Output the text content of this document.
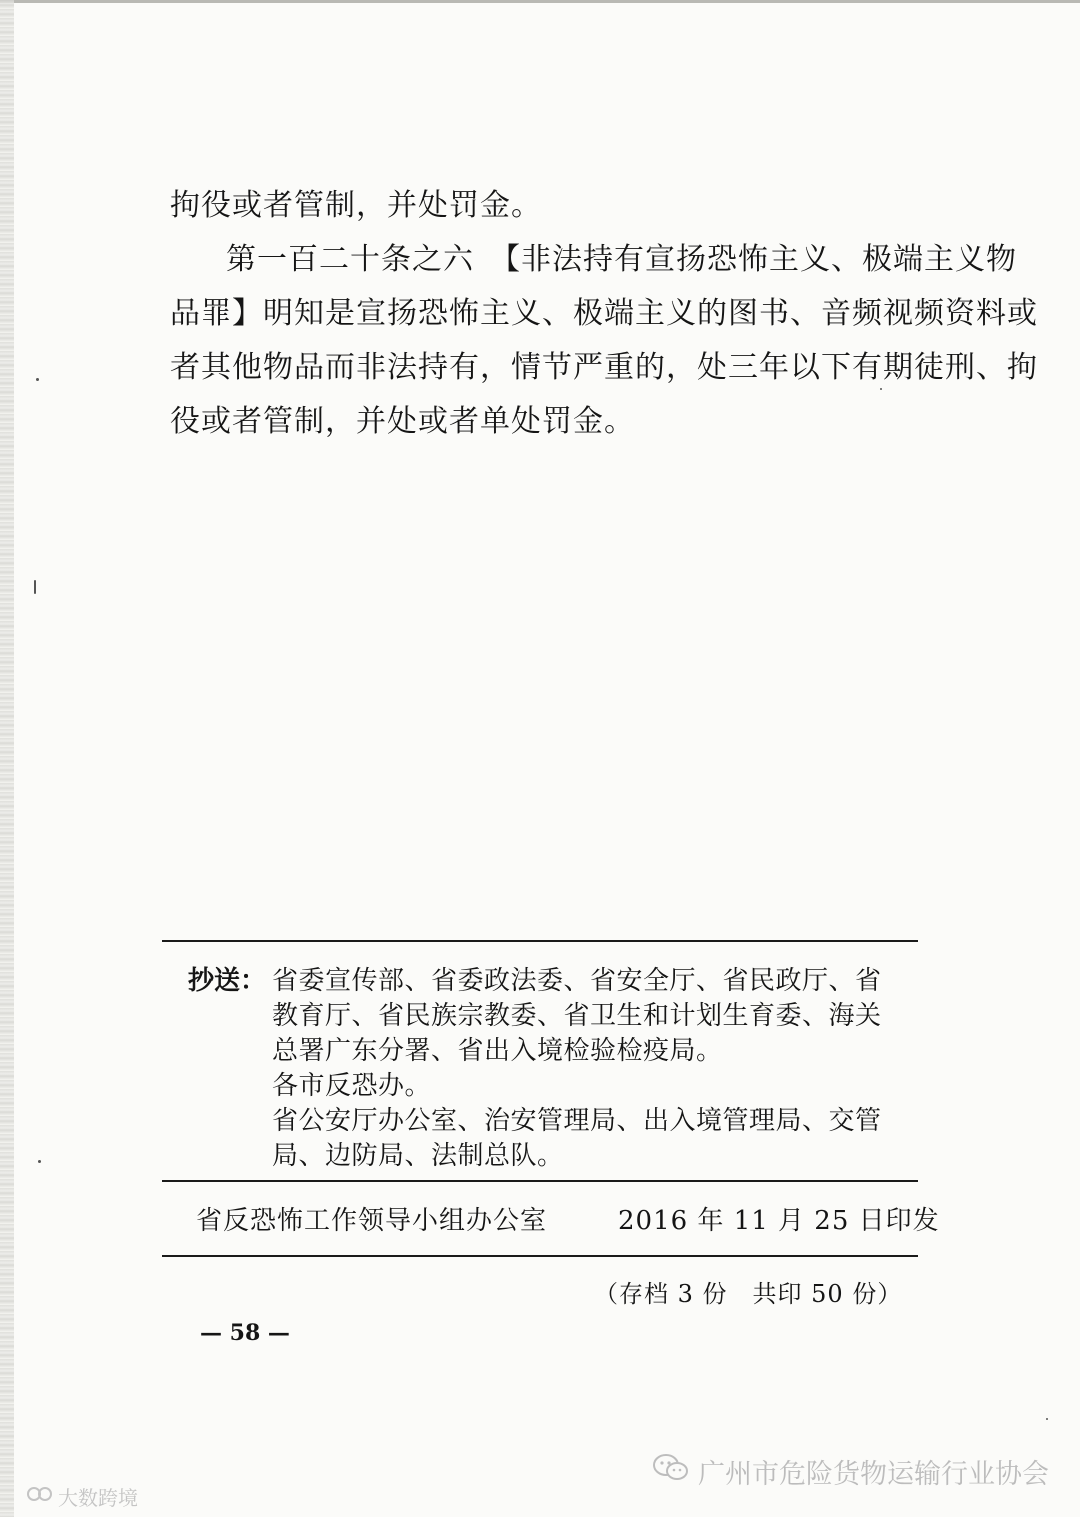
拘役或者管制，并处罚金。
第一百二十条之六　【非法持有宣扬恐怖主义、极端主义物
品罪】明知是宣扬恐怖主义、极端主义的图书、音频视频资料或
者其他物品而非法持有，情节严重的，处三年以下有期徒刑、拘
役或者管制，并处或者单处罚金。
抄送： 省委宣传部、省委政法委、省安全厅、省民政厅、省
教育厅、省民族宗教委、省卫生和计划生育委、海关
总署广东分署、省出入境检验检疫局。
各市反恐办。
省公安厅办公室、治安管理局、出入境管理局、交管
局、边防局、法制总队。
省反恐怖工作领导小组办公室	2016 年 11 月 25 日印发
（存档 3 份　共印 50 份）
— 58 —
广州市危险货物运输行业协会
大数跨境
